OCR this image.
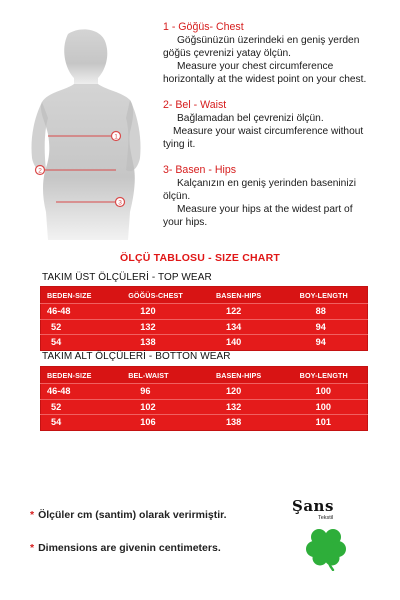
1
2
3
1 - Göğüs- Chest
Göğsünüzün üzerindeki en geniş yerden
göğüs çevrenizi yatay ölçün.
Measure your chest circumference
horizontally at the widest point on your chest.
2- Bel - Waist
Bağlamadan bel çevrenizi ölçün.
Measure your waist circumference without
tying it.
3- Basen - Hips
Kalçanızın en geniş yerinden baseninizi
ölçün.
Measure your hips at the widest part of
your hips.
ÖLÇÜ TABLOSU - SIZE CHART
TAKIM ÜST ÖLÇÜLERİ - TOP WEAR
BEDEN-SIZE	GÖĞÜS-CHEST	BASEN-HIPS	BOY-LENGTH
46-48	120	122	88
52	132	134	94
54	138	140	94
TAKIM ALT ÖLÇÜLERİ - BOTTON WEAR
BEDEN-SIZE	BEL-WAIST	BASEN-HIPS	BOY-LENGTH
46-48	96	120	100
52	102	132	100
54	106	138	101
* Ölçüler cm (santim) olarak verirmiştir.
* Dimensions are givenin centimeters.
Şans
Tekstil
